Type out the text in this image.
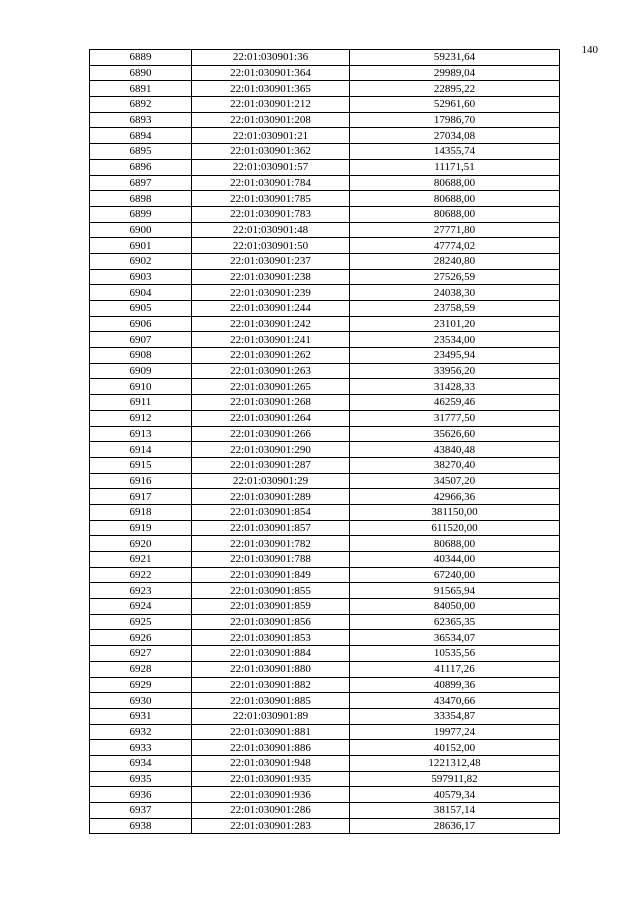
140
6889	22:01:030901:36	59231,64
6890	22:01:030901:364	29989,04
6891	22:01:030901:365	22895,22
6892	22:01:030901:212	52961,60
6893	22:01:030901:208	17986,70
6894	22:01:030901:21	27034,08
6895	22:01:030901:362	14355,74
6896	22:01:030901:57	11171,51
6897	22:01:030901:784	80688,00
6898	22:01:030901:785	80688,00
6899	22:01:030901:783	80688,00
6900	22:01:030901:48	27771,80
6901	22:01:030901:50	47774,02
6902	22:01:030901:237	28240,80
6903	22:01:030901:238	27526,59
6904	22:01:030901:239	24038,30
6905	22:01:030901:244	23758,59
6906	22:01:030901:242	23101,20
6907	22:01:030901:241	23534,00
6908	22:01:030901:262	23495,94
6909	22:01:030901:263	33956,20
6910	22:01:030901:265	31428,33
6911	22:01:030901:268	46259,46
6912	22:01:030901:264	31777,50
6913	22:01:030901:266	35626,60
6914	22:01:030901:290	43840,48
6915	22:01:030901:287	38270,40
6916	22:01:030901:29	34507,20
6917	22:01:030901:289	42966,36
6918	22:01:030901:854	381150,00
6919	22:01:030901:857	611520,00
6920	22:01:030901:782	80688,00
6921	22:01:030901:788	40344,00
6922	22:01:030901:849	67240,00
6923	22:01:030901:855	91565,94
6924	22:01:030901:859	84050,00
6925	22:01:030901:856	62365,35
6926	22:01:030901:853	36534,07
6927	22:01:030901:884	10535,56
6928	22:01:030901:880	41117,26
6929	22:01:030901:882	40899,36
6930	22:01:030901:885	43470,66
6931	22:01:030901:89	33354,87
6932	22:01:030901:881	19977,24
6933	22:01:030901:886	40152,00
6934	22:01:030901:948	1221312,48
6935	22:01:030901:935	597911,82
6936	22:01:030901:936	40579,34
6937	22:01:030901:286	38157,14
6938	22:01:030901:283	28636,17
